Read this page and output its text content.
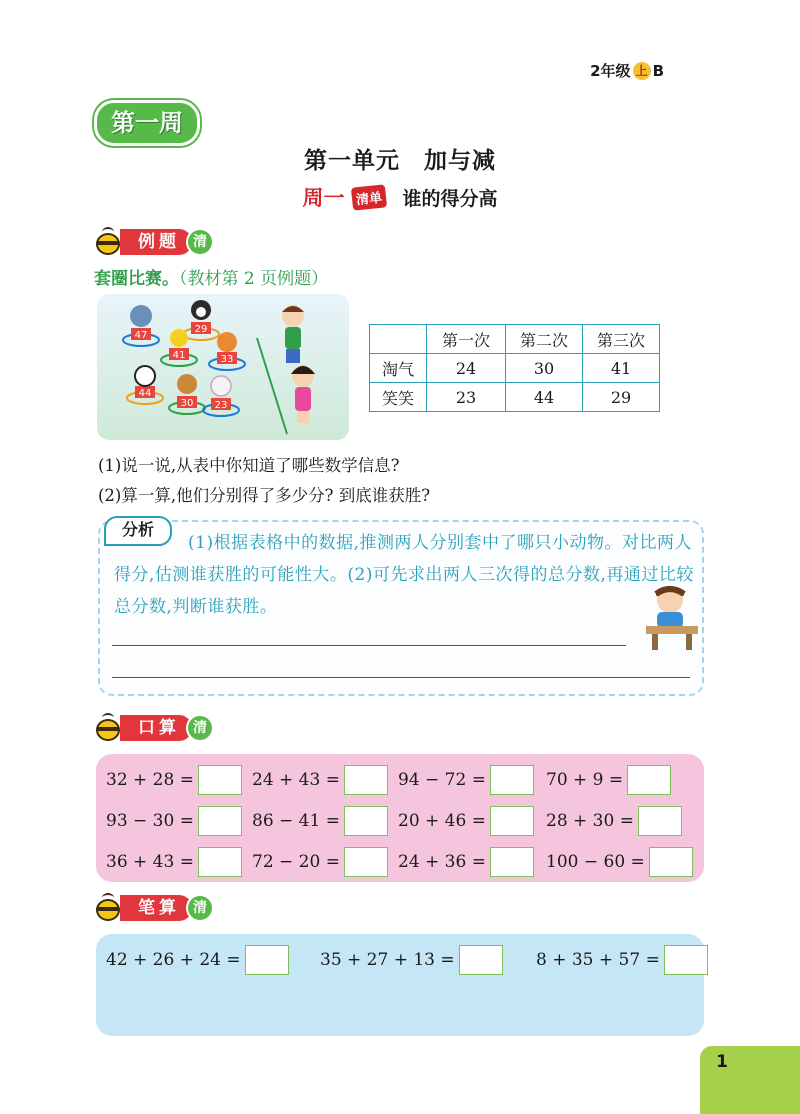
2年级 上 B
第一周
第一单元　加与减
周一 清单 谁的得分高
例题 清
套圈比赛。（教材第 2 页例题）
47
29
41	33
44
30 23
	第一次	第二次	第三次
淘气	24	30	41
笑笑	23	44	29
(1)说一说,从表中你知道了哪些数学信息?
(2)算一算,他们分别得了多少分? 到底谁获胜?
分析
(1)根据表格中的数据,推测两人分别套中了哪只小动物。对比两人得分,估测谁获胜的可能性大。(2)可先求出两人三次得的总分数,再通过比较总分数,判断谁获胜。
口算 清
32 + 28 =	24 + 43 =	94 − 72 =	70 + 9 =
93 − 30 =	86 − 41 =	20 + 46 =	28 + 30 =
36 + 43 =	72 − 20 =	24 + 36 =	100 − 60 =
笔算 清
42 + 26 + 24 =	35 + 27 + 13 =	8 + 35 + 57 =
1
